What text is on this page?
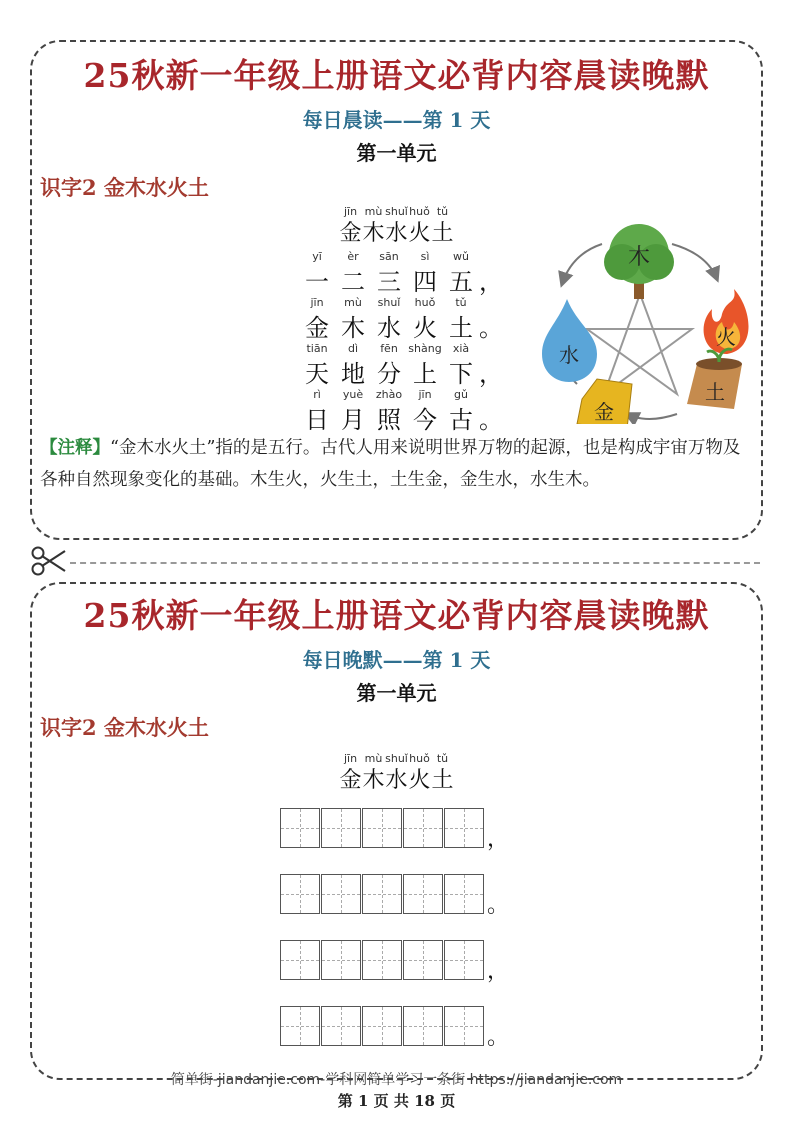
25秋新一年级上册语文必背内容晨读晚默
每日晨读——第 1 天
第一单元
识字2 金木水火土
jīn mù shuǐhuǒ tǔ
金木水火土
yī èr sān sì wǔ
一 二 三 四 五 ，
jīn mù shuǐ huǒ tǔ
金 木 水 火 土 。
tiān dì fēn shàng xià
天 地 分 上 下 ，
rì yuè zhào jīn gǔ
日 月 照 今 古 。
木
火
水
金
土
【注释】“金木水火土”指的是五行。古代人用来说明世界万物的起源，也是构成宇宙万物及各种自然现象变化的基础。木生火，火生土，土生金，金生水，水生木。
25秋新一年级上册语文必背内容晨读晚默
每日晚默——第 1 天
第一单元
识字2 金木水火土
jīn mù shuǐhuǒ tǔ
金木水火土
，
。
，
。
简单街-jiandanjie.com-学科网简单学习一条街 https://jiandanjie.com
第 1 页 共 18 页
